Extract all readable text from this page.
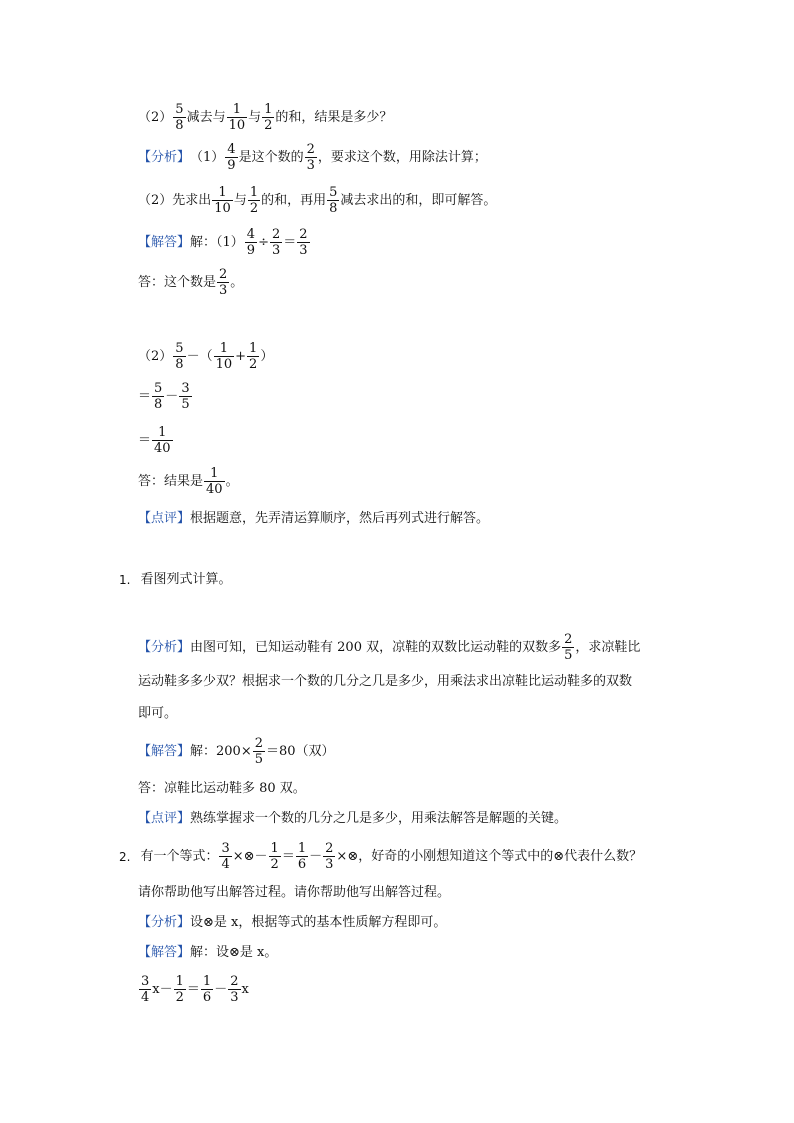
$(2) \frac{5}{8}$ 减去与 $\frac{1}{10}$ 与 $\frac{1}{2}$ 的和，结果是多少？
【分析】 $(1) \frac{4}{9}$ 是这个数的 $\frac{2}{3}$ ，要求这个数，用除法计算；
（2）先求出 $\frac{1}{10}$ 与 $\frac{1}{2}$ 的和，再用 $\frac{5}{8}$ 减去求出的和，即可解答。
【解答】 解：$(1) \frac{4}{9} \div \frac{2}{3} = \frac{2}{3}$
答：这个数是 $\frac{2}{3}$ 。
$(2) \frac{5}{8}$ － （ $\frac{1}{10} + \frac{1}{2}$ ）
＝ $\frac{5}{8} - \frac{3}{5}$
＝ $\frac{1}{40}$
答：结果是 $\frac{1}{40}$ 。
【点评】 根据题意，先弄清运算顺序，然后再列式进行解答。
1. 看图列式计算。
【分析】 由图可知，已知运动鞋有 200 双，凉鞋的双数比运动鞋的双数多 $\frac{2}{5}$ ，求凉鞋比
运动鞋多多少双？根据求一个数的几分之几是多少，用乘法求出凉鞋比运动鞋多的双数
即可。
【解答】 解：$200\times \frac{2}{5} =80$（双）
答：凉鞋比运动鞋多 80 双。
【点评】 熟练掌握求一个数的几分之几是多少，用乘法解答是解题的关键。
2. 有一个等式： $\frac{3}{4}$ ×⊗－ $\frac{1}{2} = \frac{1}{6} - \frac{2}{3}$ ×⊗，好奇的小刚想知道这个等式中的⊗代表什么数？
请你帮助他写出解答过程。请你帮助他写出解答过程。
【分析】 设⊗是 x，根据等式的基本性质解方程即可。
【解答】 解：设⊗是 x。
$\frac{3}{4} x- \frac{1}{2} = \frac{1}{6} - \frac{2}{3}$ x
